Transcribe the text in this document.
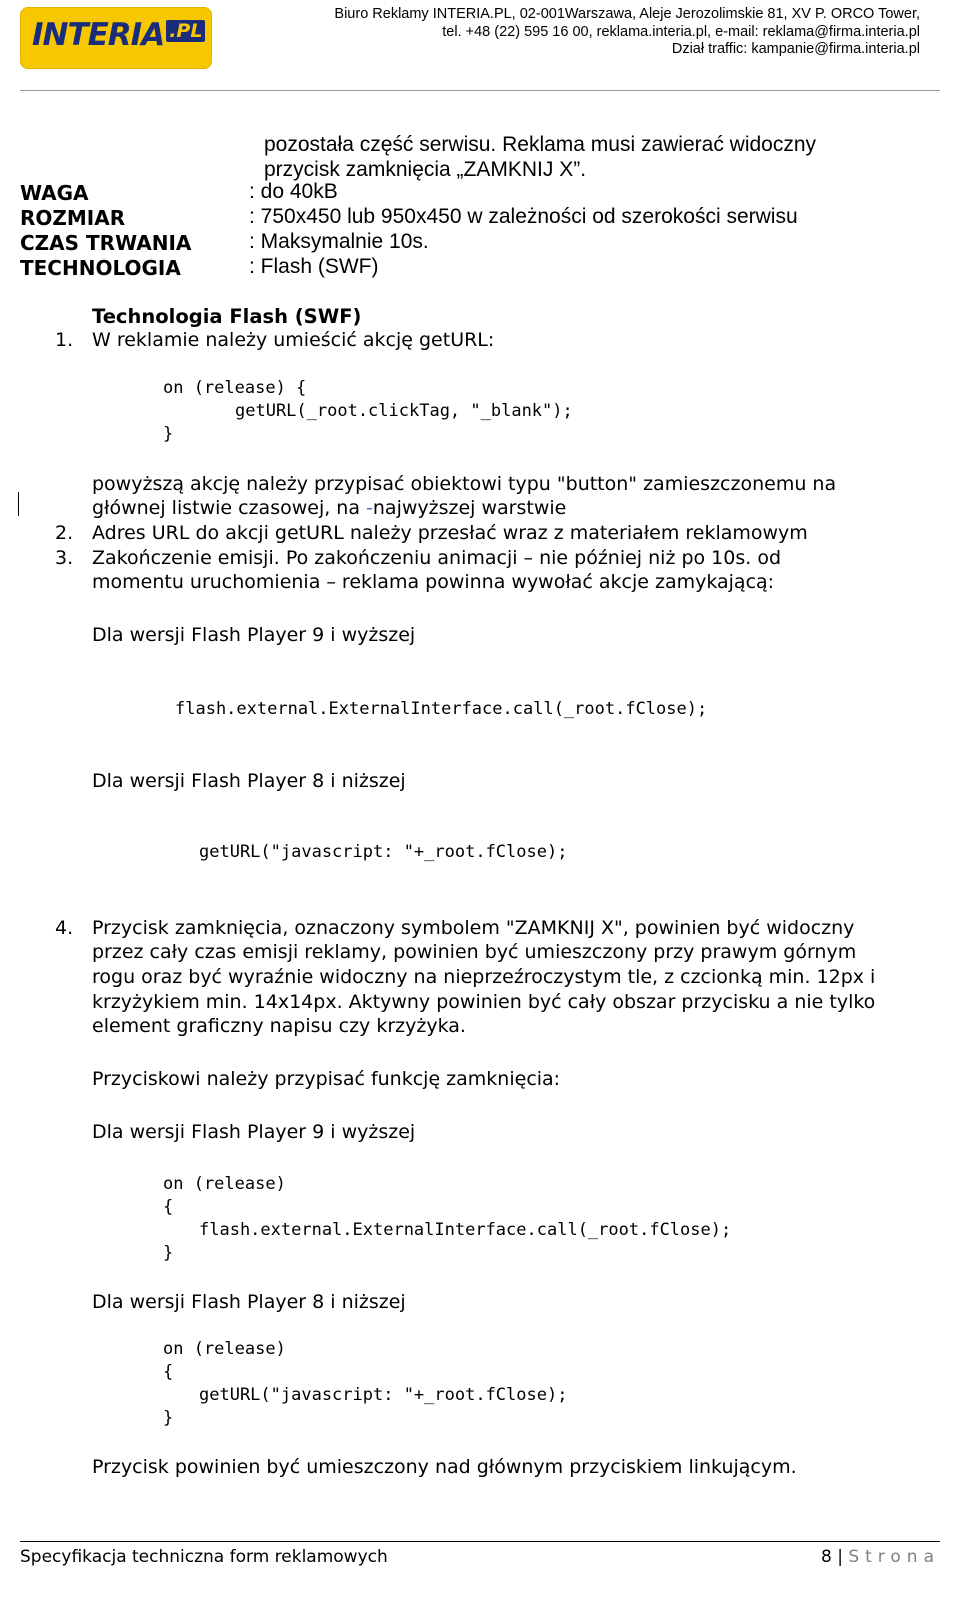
INTERIA .PL
Biuro Reklamy INTERIA.PL, 02-001Warszawa, Aleje Jerozolimskie 81, XV P. ORCO Tower,
tel. +48 (22) 595 16 00, reklama.interia.pl, e-mail: reklama@firma.interia.pl
Dział traffic: kampanie@firma.interia.pl
pozostała część serwisu. Reklama musi zawierać widoczny
przycisk zamknięcia „ZAMKNIJ X”.
WAGA	: do 40kB
ROZMIAR	: 750x450 lub 950x450 w zależności od szerokości serwisu
CZAS TRWANIA	: Maksymalnie 10s.
TECHNOLOGIA	: Flash (SWF)
Technologia Flash (SWF)
1. W reklamie należy umieścić akcję getURL:
on (release) {
getURL(_root.clickTag, "_blank");
}
powyższą akcję należy przypisać obiektowi typu "button" zamieszczonemu na
głównej listwie czasowej, na -najwyższej warstwie
2. Adres URL do akcji getURL należy przesłać wraz z materiałem reklamowym
3. Zakończenie emisji. Po zakończeniu animacji – nie później niż po 10s. od
momentu uruchomienia – reklama powinna wywołać akcje zamykającą:
Dla wersji Flash Player 9 i wyższej
flash.external.ExternalInterface.call(_root.fClose);
Dla wersji Flash Player 8 i niższej
getURL("javascript: "+_root.fClose);
4. Przycisk zamknięcia, oznaczony symbolem "ZAMKNIJ X", powinien być widoczny
przez cały czas emisji reklamy, powinien być umieszczony przy prawym górnym
rogu oraz być wyraźnie widoczny na nieprzeźroczystym tle, z czcionką min. 12px i
krzyżykiem min. 14x14px. Aktywny powinien być cały obszar przycisku a nie tylko
element graficzny napisu czy krzyżyka.
Przyciskowi należy przypisać funkcję zamknięcia:
Dla wersji Flash Player 9 i wyższej
on (release)
{
flash.external.ExternalInterface.call(_root.fClose);
}
Dla wersji Flash Player 8 i niższej
on (release)
{
getURL("javascript: "+_root.fClose);
}
Przycisk powinien być umieszczony nad głównym przyciskiem linkującym.
Specyfikacja techniczna form reklamowych	8 | Strona
